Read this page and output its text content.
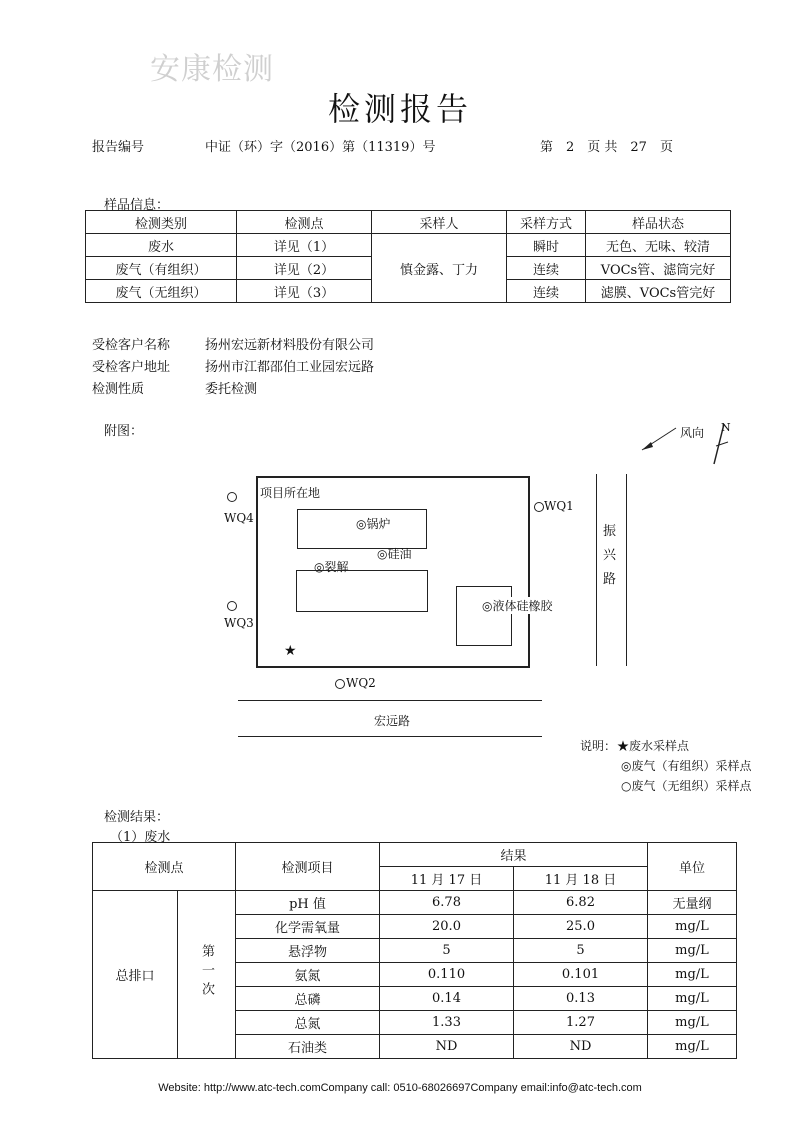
安康检测
检测报告
报告编号	中证（环）字（2016）第（11319）号	第　2　页 共　27　页
样品信息：
检测类别	检测点	采样人	采样方式	样品状态
废水	详见（1）	慎金露、丁力	瞬时	无色、无味、较清
废气（有组织）	详见（2）		连续	VOCs管、滤筒完好
废气（无组织）	详见（3）		连续	滤膜、VOCs管完好
受检客户名称	扬州宏远新材料股份有限公司
受检客户地址	扬州市江都邵伯工业园宏远路
检测性质	委托检测
附图：	风向 N
项目所在地
◎锅炉
◎硅油
◎裂解
◎液体硅橡胶
★
WQ4
WQ3
WQ1
WQ2
振兴路
宏远路
说明： ★废水采样点
◎废气（有组织）采样点
○废气（无组织）采样点
检测结果：
（1）废水
检测点		检测项目	结果		单位
			11 月 17 日	11 月 18 日	
总排口	第一次	pH 值	6.78	6.82	无量纲
		化学需氧量	20.0	25.0	mg/L
		悬浮物	5	5	mg/L
		氨氮	0.110	0.101	mg/L
		总磷	0.14	0.13	mg/L
		总氮	1.33	1.27	mg/L
		石油类	ND	ND	mg/L
Website: http://www.atc-tech.comCompany call: 0510-68026697Company email:info@atc-tech.com
